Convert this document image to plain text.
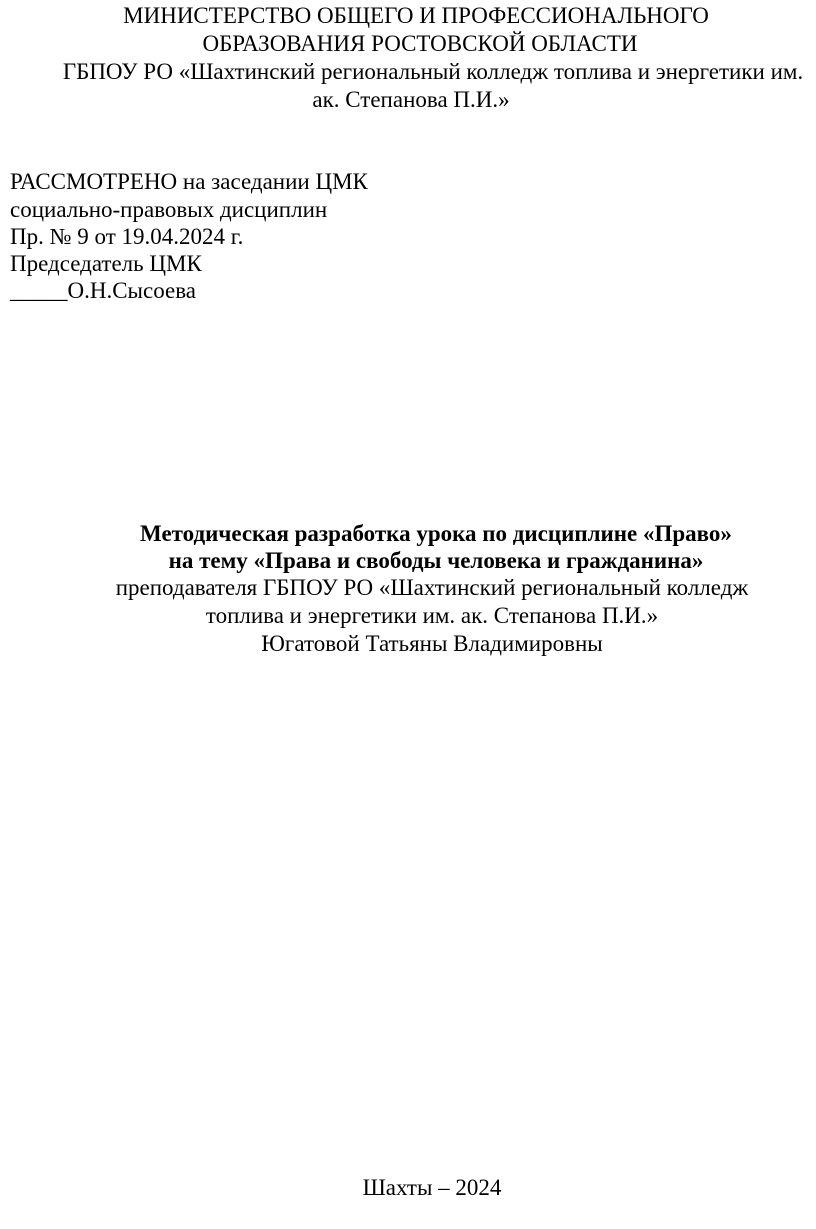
МИНИСТЕРСТВО ОБЩЕГО И ПРОФЕССИОНАЛЬНОГО
ОБРАЗОВАНИЯ РОСТОВСКОЙ ОБЛАСТИ
ГБПОУ РО «Шахтинский региональный колледж топлива и энергетики им.
ак. Степанова П.И.»
РАССМОТРЕНО на заседании ЦМК
социально-правовых дисциплин
Пр. № 9 от 19.04.2024 г.
Председатель ЦМК
_____О.Н.Сысоева
Методическая разработка урока по дисциплине «Право»
на тему «Права и свободы человека и гражданина»
преподавателя ГБПОУ РО «Шахтинский региональный колледж
топлива и энергетики им. ак. Степанова П.И.»
Югатовой Татьяны Владимировны
Шахты – 2024
